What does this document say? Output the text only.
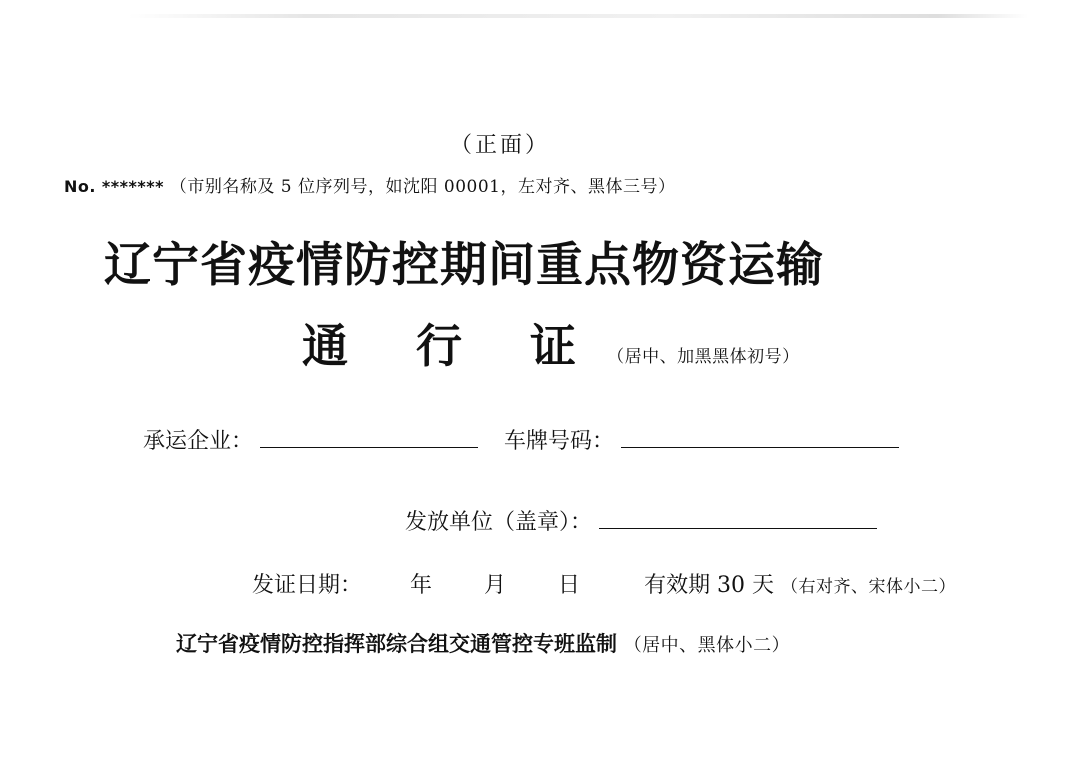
（正面）
No. ******* （市别名称及 5 位序列号，如沈阳 00001，左对齐、黑体三号）
辽宁省疫情防控期间重点物资运输
通 行 证 （居中、加黑黑体初号）
承运企业：	车牌号码：
发放单位（盖章）：
发证日期： 年 月 日	有效期 30 天 （右对齐、宋体小二）
辽宁省疫情防控指挥部综合组交通管控专班监制 （居中、黑体小二）
